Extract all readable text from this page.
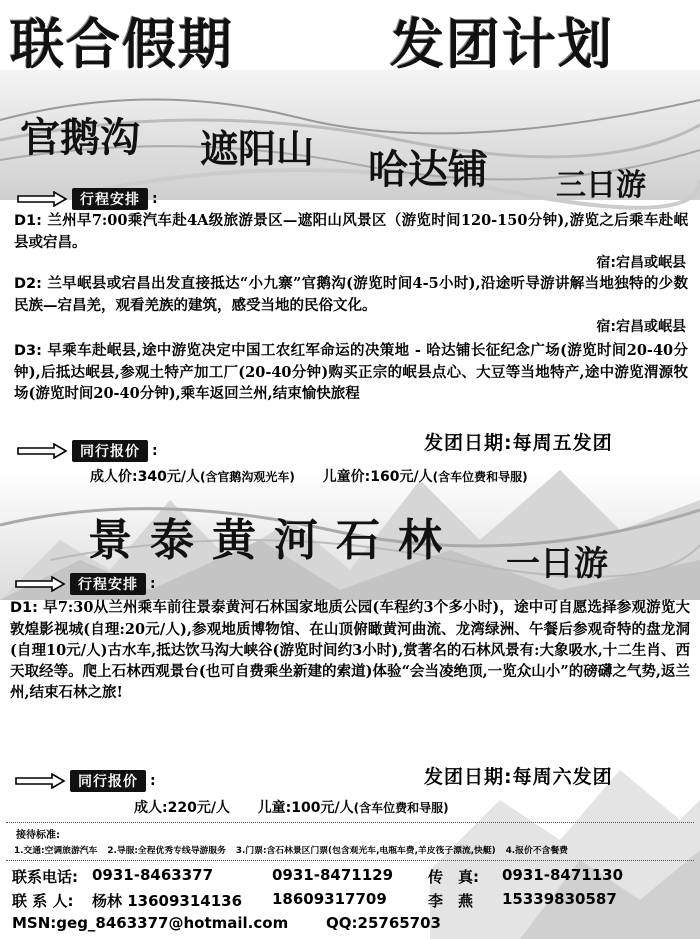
联合假期	发团计划
官鹅沟 遮阳山 哈达铺 三日游
行程安排 :
D1: 兰州早7:00乘汽车赴4A级旅游景区—遮阳山风景区（游览时间120-150分钟),游览之后乘车赴岷县或宕昌。
宿:宕昌或岷县
D2: 兰早岷县或宕昌出发直接抵达“小九寨”官鹅沟(游览时间4-5小时),沿途听导游讲解当地独特的少数民族—宕昌羌，观看羌族的建筑，感受当地的民俗文化。
宿:宕昌或岷县
D3: 早乘车赴岷县,途中游览决定中国工农红军命运的决策地 - 哈达铺长征纪念广场(游览时间20-40分钟),后抵达岷县,参观土特产加工厂(20-40分钟)购买正宗的岷县点心、大豆等当地特产,途中游览渭源牧场(游览时间20-40分钟),乘车返回兰州,结束愉快旅程
发团日期:每周五发团
同行报价 :
成人价:340元/人(含官鹅沟观光车) 儿童价:160元/人(含车位费和导服)
景泰黄河石林 一日游
行程安排 :
D1: 早7:30从兰州乘车前往景泰黄河石林国家地质公园(车程约3个多小时)，途中可自愿选择参观游览大敦煌影视城(自理:20元/人),参观地质博物馆、在山顶俯瞰黄河曲流、龙湾绿洲、午餐后参观奇特的盘龙洞(自理10元/人)古水车,抵达饮马沟大峡谷(游览时间约3小时),赏著名的石林风景有:大象吸水,十二生肖、西天取经等。爬上石林西观景台(也可自费乘坐新建的索道)体验“会当凌绝顶,一览众山小”的磅礴之气势,返兰州,结束石林之旅!
发团日期:每周六发团
同行报价 :
成人:220元/人 儿童:100元/人(含车位费和导服)
接待标准:
1.交通:空调旅游汽车 2.导服:全程优秀专线导游服务 3.门票:含石林景区门票(包含观光车,电瓶车费,羊皮筏子漂流,快艇) 4.报价不含餐费
联系电话: 0931-8463377	0931-8471129 传　真: 0931-8471130
联 系 人: 杨林 13609314136 18609317709	李　燕 15339830587
MSN:geg_8463377@hotmail.com	QQ:25765703
